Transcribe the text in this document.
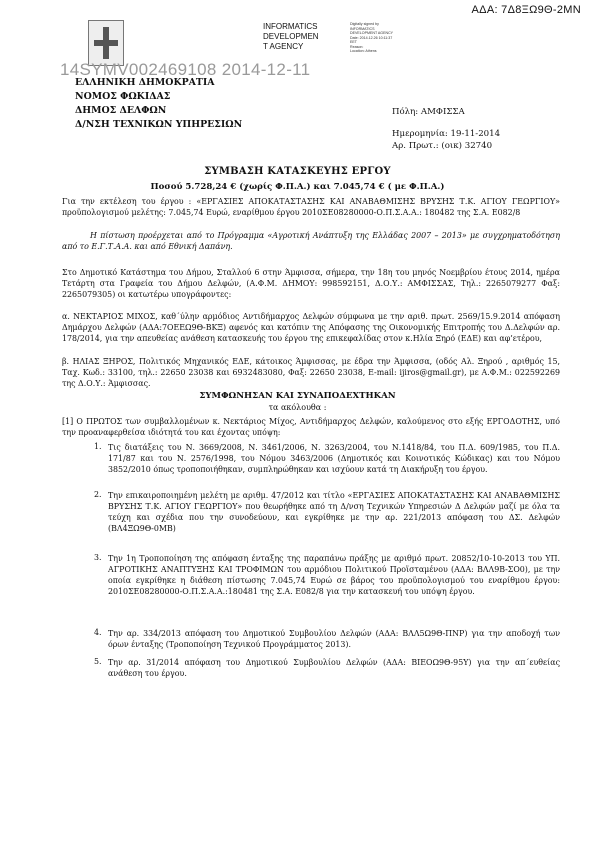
ΑΔΑ: 7Δ8ΞΩ9Θ-2ΜΝ
INFORMATICS
DEVELOPMEN
T AGENCY
Digitally signed by
INFORMATICS
DEVELOPMENT AGENCY
Date: 2014.12.26 10:11:37
EET
Reason:
Location: Athens
14SYMV002469108 2014-12-11
ΕΛΛΗΝΙΚΗ ΔΗΜΟΚΡΑΤΙΑ
ΝΟΜΟΣ ΦΩΚΙΔΑΣ
ΔΗΜΟΣ ΔΕΛΦΩΝ
Δ/ΝΣΗ ΤΕΧΝΙΚΩΝ ΥΠΗΡΕΣΙΩΝ
Πόλη: ΑΜΦΙΣΣΑ
Ημερομηνία: 19-11-2014
Αρ. Πρωτ.: (οικ) 32740
ΣΥΜΒΑΣΗ ΚΑΤΑΣΚΕΥΗΣ ΕΡΓΟΥ
Ποσού 5.728,24 € (χωρίς Φ.Π.Α.) και 7.045,74 € ( με Φ.Π.Α.)
Για την εκτέλεση του έργου : «ΕΡΓΑΣΙΕΣ ΑΠΟΚΑΤΑΣΤΑΣΗΣ ΚΑΙ ΑΝΑΒΑΘΜΙΣΗΣ ΒΡΥΣΗΣ Τ.Κ. ΑΓΙΟΥ ΓΕΩΡΓΙΟΥ» προϋπολογισμού μελέτης: 7.045,74 Ευρώ, εναρίθμου έργου 2010ΣΕ08280000-Ο.Π.Σ.Α.Α.: 180482 της Σ.Α. Ε082/8
Η πίστωση προέρχεται από το Πρόγραμμα «Αγροτική Ανάπτυξη της Ελλάδας 2007 – 2013» με συγχρηματοδότηση από το Ε.Γ.Τ.Α.Α. και από Εθνική Δαπάνη.
Στο Δημοτικό Κατάστημα του Δήμου, Σταλλού 6 στην Άμφισσα, σήμερα, την 18η του μηνός Νοεμβρίου έτους 2014, ημέρα Τετάρτη στα Γραφεία του Δήμου Δελφών, (Α.Φ.Μ. ΔΗΜΟΥ: 998592151, Δ.Ο.Υ.: ΑΜΦΙΣΣΑΣ, Τηλ.: 2265079277 Φαξ: 2265079305) οι κατωτέρω υπογράφοντες:
α. ΝΕΚΤΑΡΙΟΣ ΜΙΧΟΣ, καθ΄ύλην αρμόδιος Αντιδήμαρχος Δελφών σύμφωνα με την αριθ. πρωτ. 2569/15.9.2014 απόφαση Δημάρχου Δελφών (ΑΔΑ:7ΟΕΕΩ9Θ-ΒΚΞ) αφενός και κατόπιν της Απόφασης της Οικονομικής Επιτροπής του Δ.Δελφών αρ. 178/2014, για την απευθείας ανάθεση κατασκευής του έργου της επικεφαλίδας στον κ.Ηλία Ξηρό (ΕΔΕ) και αφ’ετέρου,
β. ΗΛΙΑΣ ΞΗΡΟΣ, Πολιτικός Μηχανικός ΕΔΕ, κάτοικος Άμφισσας, με έδρα την Άμφισσα, (οδός Αλ. Ξηρού , αριθμός 15, Ταχ. Κωδ.: 33100, τηλ.: 22650 23038 και 6932483080, Φαξ: 22650 23038, E-mail: ijiros@gmail.gr), με Α.Φ.Μ.: 022592269 της Δ.Ο.Υ.: Άμφισσας.
ΣΥΜΦΩΝΗΣΑΝ ΚΑΙ ΣΥΝΑΠΟΔΕΧΤΗΚΑΝ
τα ακόλουθα :
[1] Ο ΠΡΩΤΟΣ των συμβαλλομένων κ. Νεκτάριος Μίχος, Αντιδήμαρχος Δελφών, καλούμενος στο εξής ΕΡΓΟΔΟΤΗΣ, υπό την προαναφερθείσα ιδιότητά του και έχοντας υπόψη:
1. Τις διατάξεις του Ν. 3669/2008, Ν. 3461/2006, Ν. 3263/2004, του Ν.1418/84, του Π.Δ. 609/1985, του Π.Δ. 171/87 και του Ν. 2576/1998, του Νόμου 3463/2006 (Δημοτικός και Κοινοτικός Κώδικας) και του Νόμου 3852/2010 όπως τροποποιήθηκαν, συμπληρώθηκαν και ισχύουν κατά τη Διακήρυξη του έργου.
2. Την επικαιροποιημένη μελέτη με αριθμ. 47/2012 και τίτλο «ΕΡΓΑΣΙΕΣ ΑΠΟΚΑΤΑΣΤΑΣΗΣ ΚΑΙ ΑΝΑΒΑΘΜΙΣΗΣ ΒΡΥΣΗΣ Τ.Κ. ΑΓΙΟΥ ΓΕΩΡΓΙΟΥ» που θεωρήθηκε από τη Δ/νση Τεχνικών Υπηρεσιών Δ Δελφών μαζί με όλα τα τεύχη και σχέδια που την συνοδεύουν, και εγκρίθηκε με την αρ. 221/2013 απόφαση του ΔΣ. Δελφών (ΒΛ4ΞΩ9Θ-0ΜΒ)
3. Την 1η Τροποποίηση της απόφαση ένταξης της παραπάνω πράξης με αριθμό πρωτ. 20852/10-10-2013 του ΥΠ. ΑΓΡΟΤΙΚΗΣ ΑΝΑΠΤΥΞΗΣ ΚΑΙ ΤΡΟΦΙΜΩΝ του αρμόδιου Πολιτικού Προϊσταμένου (ΑΔΑ: ΒΛΛ9Β-ΣΟ0), με την οποία εγκρίθηκε η διάθεση πίστωσης 7.045,74 Ευρώ σε βάρος του προϋπολογισμού του εναρίθμου έργου: 2010ΣΕ08280000-Ο.Π.Σ.Α.Α.:180481 της Σ.Α. Ε082/8 για την κατασκευή του υπόψη έργου.
4. Την αρ. 334/2013 απόφαση του Δημοτικού Συμβουλίου Δελφών (ΑΔΑ: ΒΛΛ5Ω9Θ-ΠΝΡ) για την αποδοχή των όρων ένταξης (Τροποποίηση Τεχνικού Προγράμματος 2013).
5. Την αρ. 31/2014 απόφαση του Δημοτικού Συμβουλίου Δελφών (ΑΔΑ: ΒΙΕΟΩ9Θ-95Υ) για την απ΄ευθείας ανάθεση του έργου.
